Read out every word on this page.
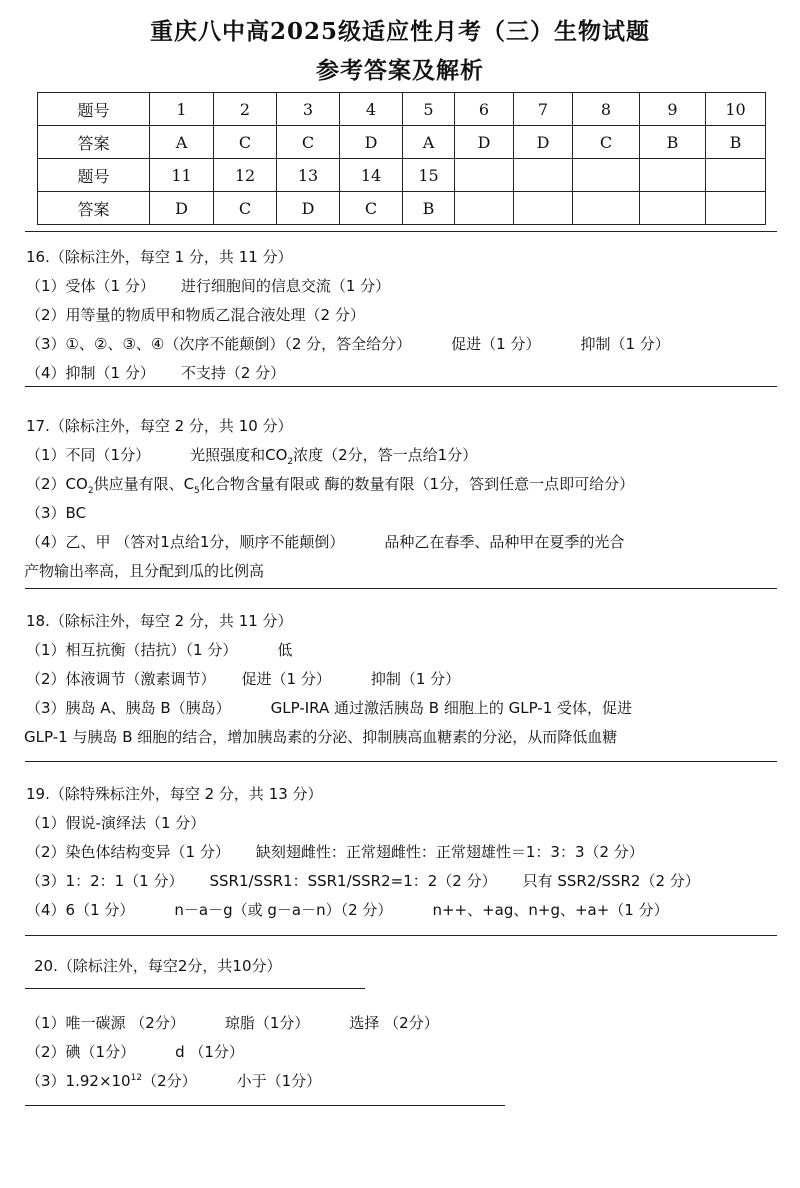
重庆八中高2025级适应性月考（三）生物试题
参考答案及解析
题号	1	2	3	4	5	6	7	8	9	10
答案	A	C	C	D	A	D	D	C	B	B
题号	11	12	13	14	15					
答案	D	C	D	C	B					
16.（除标注外，每空 1 分，共 11 分）
（1）受体（1 分） 进行细胞间的信息交流（1 分）
（2）用等量的物质甲和物质乙混合液处理（2 分）
（3）①、②、③、④（次序不能颠倒）（2 分，答全给分）	促进（1 分）	抑制（1 分）
（4）抑制（1 分） 不支持（2 分）
17.（除标注外，每空 2 分，共 10 分）
（1）不同（1分）	光照强度和$CO_2$浓度（2分，答一点给1分）
$(2)CO_2$供应量有限、$C_5$化合物含量有限或 酶的数量有限（1分，答到任意一点即可给分）
（3）BC
（4）乙、甲 （答对1点给1分，顺序不能颠倒）	品种乙在春季、品种甲在夏季的光合
产物输出率高，且分配到瓜的比例高
18.（除标注外，每空 2 分，共 11 分）
（1）相互抗衡（拮抗）（1 分）	低
（2）体液调节（激素调节） 促进（1 分）	抑制（1 分）
（3）胰岛 A、胰岛 B（胰岛）	GLP-IRA 通过激活胰岛 B 细胞上的 GLP-1 受体，促进
GLP-1 与胰岛 B 细胞的结合，增加胰岛素的分泌、抑制胰高血糖素的分泌，从而降低血糖
19.（除特殊标注外，每空 2 分，共 13 分）
（1）假说-演绎法（1 分）
（2）染色体结构变异（1 分） 缺刻翅雌性：正常翅雌性：正常翅雄性＝1：3：3（2 分）
（3）1：2：1（1 分） SSR1/SSR1：SSR1/SSR2=1：2（2 分） 只有 SSR2/SSR2（2 分）
（4）6（1 分）	n－a－g（或 g－a－n）（2 分）	n++、+ag、n+g、+a+（1 分）
20.（除标注外，每空2分，共10分）
（1）唯一碳源 （2分）	琼脂（1分）	选择 （2分）
（2）碘（1分）	d （1分）
$(3)1.92\times 10^{12}(2$分）	小于（1分）
